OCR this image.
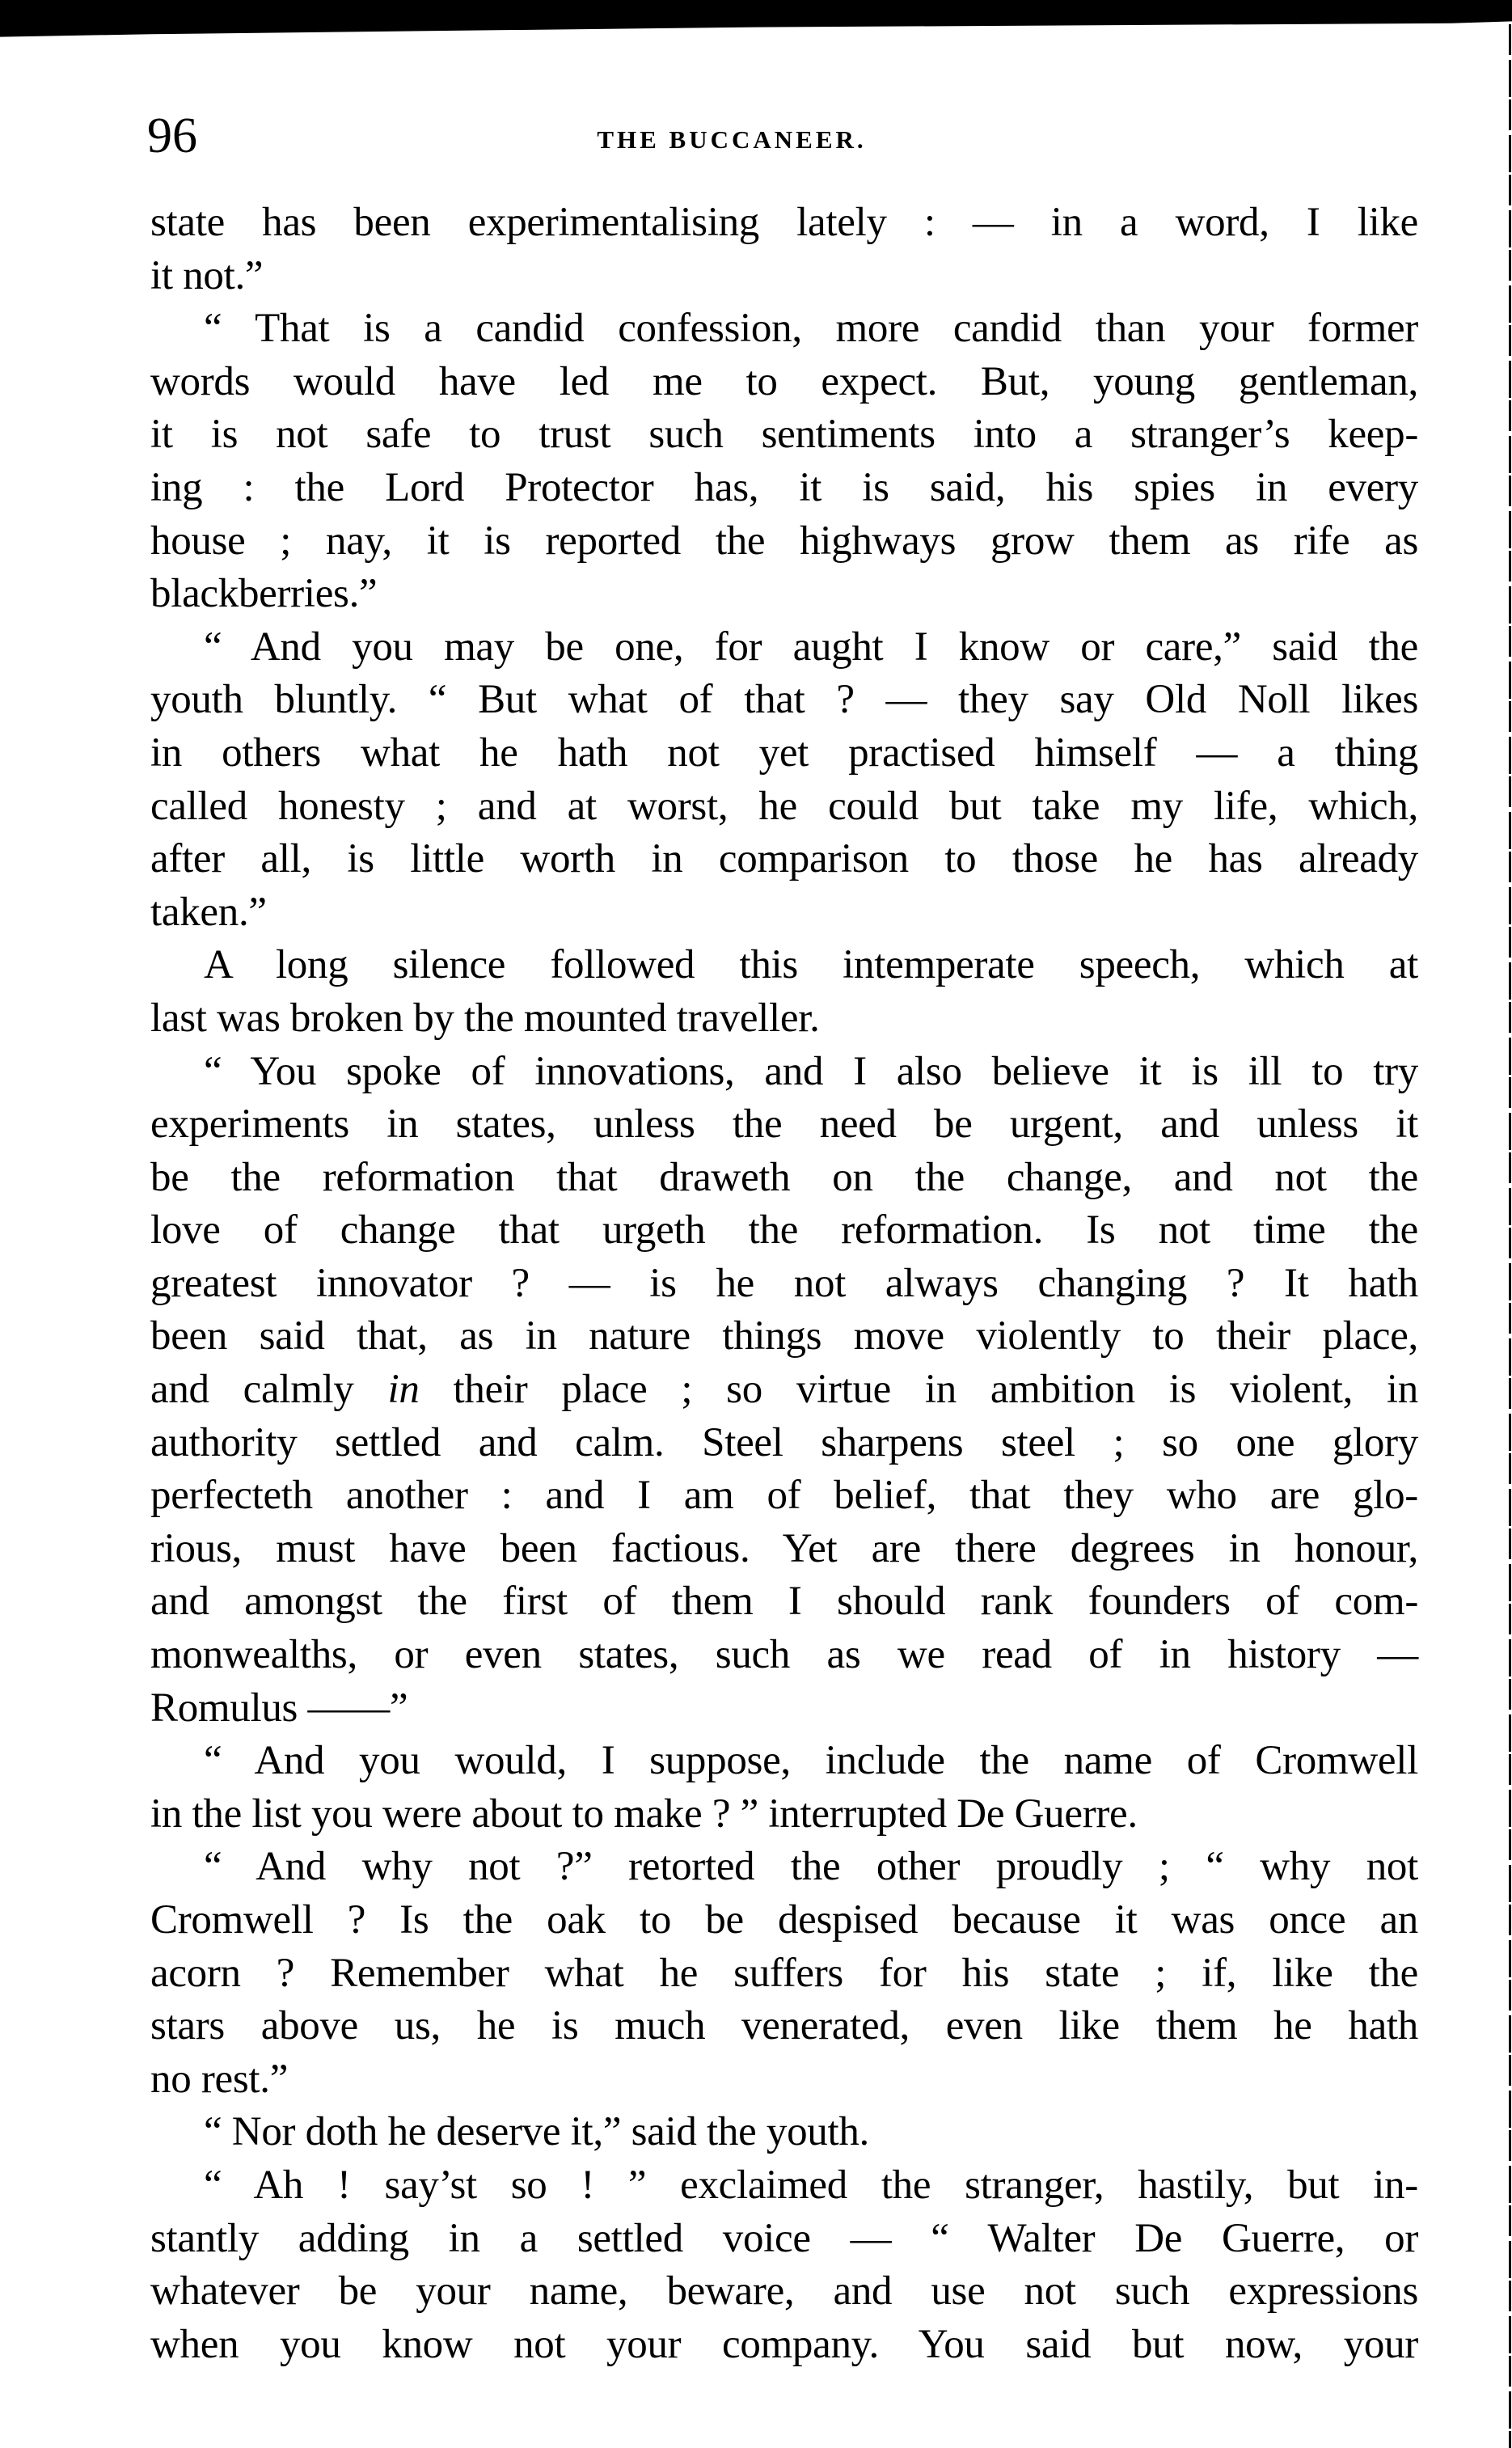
96	THE BUCCANEER.
state has been experimentalising lately : — in a word, I like
it not.”
“ That is a candid confession, more candid than your former
words would have led me to expect. But, young gentleman,
it is not safe to trust such sentiments into a stranger’s keep-
ing : the Lord Protector has, it is said, his spies in every
house ; nay, it is reported the highways grow them as rife as
blackberries.”
“ And you may be one, for aught I know or care,” said the
youth bluntly. “ But what of that ? — they say Old Noll likes
in others what he hath not yet practised himself — a thing
called honesty ; and at worst, he could but take my life, which,
after all, is little worth in comparison to those he has already
taken.”
A long silence followed this intemperate speech, which at
last was broken by the mounted traveller.
“ You spoke of innovations, and I also believe it is ill to try
experiments in states, unless the need be urgent, and unless it
be the reformation that draweth on the change, and not the
love of change that urgeth the reformation. Is not time the
greatest innovator ? — is he not always changing ? It hath
been said that, as in nature things move violently to their place,
and calmly in their place ; so virtue in ambition is violent, in
authority settled and calm. Steel sharpens steel ; so one glory
perfecteth another : and I am of belief, that they who are glo-
rious, must have been factious. Yet are there degrees in honour,
and amongst the first of them I should rank founders of com-
monwealths, or even states, such as we read of in history —
Romulus ——”
“ And you would, I suppose, include the name of Cromwell
in the list you were about to make ? ” interrupted De Guerre.
“ And why not ?” retorted the other proudly ; “ why not
Cromwell ? Is the oak to be despised because it was once an
acorn ? Remember what he suffers for his state ; if, like the
stars above us, he is much venerated, even like them he hath
no rest.”
“ Nor doth he deserve it,” said the youth.
“ Ah ! say’st so ! ” exclaimed the stranger, hastily, but in-
stantly adding in a settled voice — “ Walter De Guerre, or
whatever be your name, beware, and use not such expressions
when you know not your company. You said but now, your
